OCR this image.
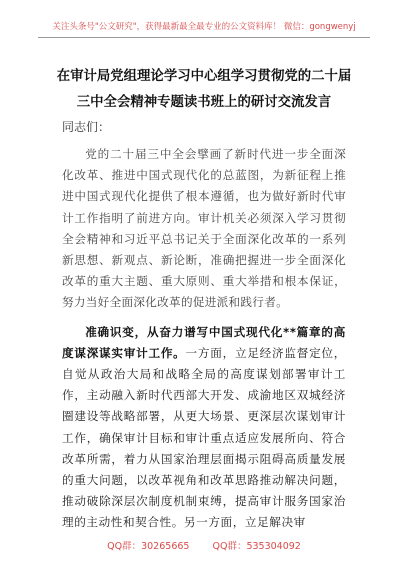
关注头条号"公文研究"，获得最新最全最专业的公文资料库！ 微信：gongwenyj
在审计局党组理论学习中心组学习贯彻党的二十届三中全会精神专题读书班上的研讨交流发言
同志们：

党的二十届三中全会擘画了新时代进一步全面深化改革、推进中国式现代化的总蓝图，为新征程上推进中国式现代化提供了根本遵循，也为做好新时代审计工作指明了前进方向。审计机关必须深入学习贯彻全会精神和习近平总书记关于全面深化改革的一系列新思想、新观点、新论断，准确把握进一步全面深化改革的重大主题、重大原则、重大举措和根本保证，努力当好全面深化改革的促进派和践行者。

准确识变，从奋力谱写中国式现代化**篇章的高度谋深谋实审计工作。一方面，立足经济监督定位，自觉从政治大局和战略全局的高度谋划部署审计工作，主动融入新时代西部大开发、成渝地区双城经济圈建设等战略部署，从更大场景、更深层次谋划审计工作，确保审计目标和审计重点适应发展所向、符合改革所需，着力从国家治理层面揭示阻碍高质量发展的重大问题，以改革视角和改革思路推动解决问题，推动破除深层次制度机制束缚，提高审计服务国家治理的主动性和契合性。另一方面，立足解决审

QQ群：30265665 QQ群：535304092
